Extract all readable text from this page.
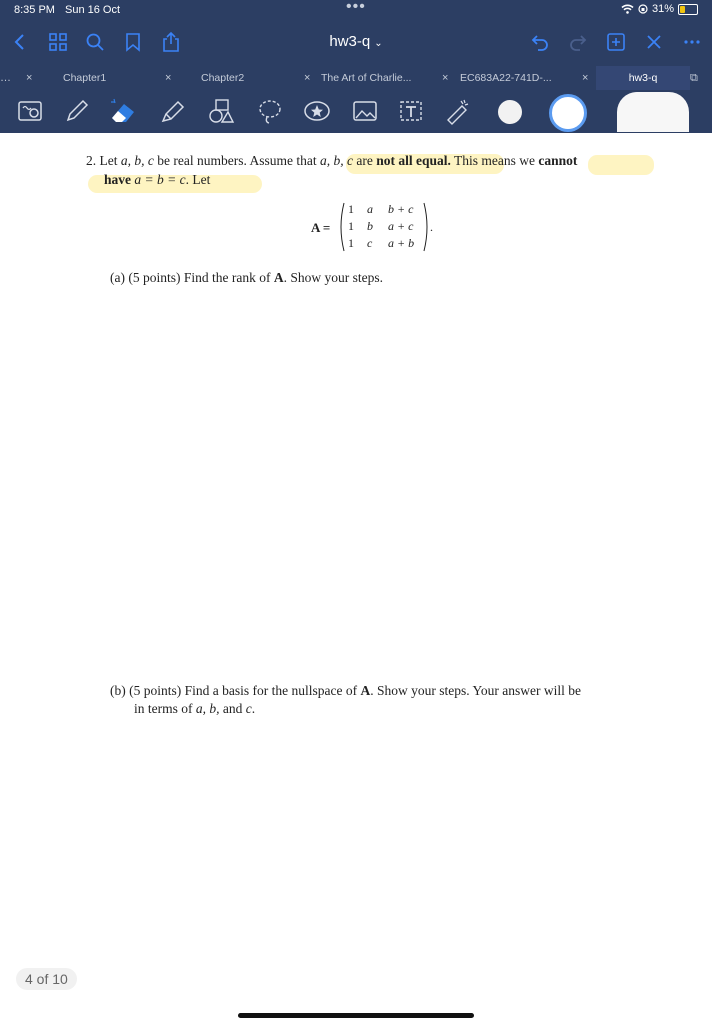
8:35 PM Sun 16 Oct	•••	31%
hw3-q ⌄
… ×	Chapter1	×	Chapter2	× The Art of Charlie...	× EC683A22-741D-...	×	hw3-q	⧉
2. Let a, b, c be real numbers. Assume that a, b, c are not all equal. This means we cannot
have a = b = c. Let
A =
1 a b + c
1 b a + c
1 c a + b
.
(a) (5 points) Find the rank of A. Show your steps.
(b) (5 points) Find a basis for the nullspace of A. Show your steps. Your answer will be
in terms of a, b, and c.
4 of 10
